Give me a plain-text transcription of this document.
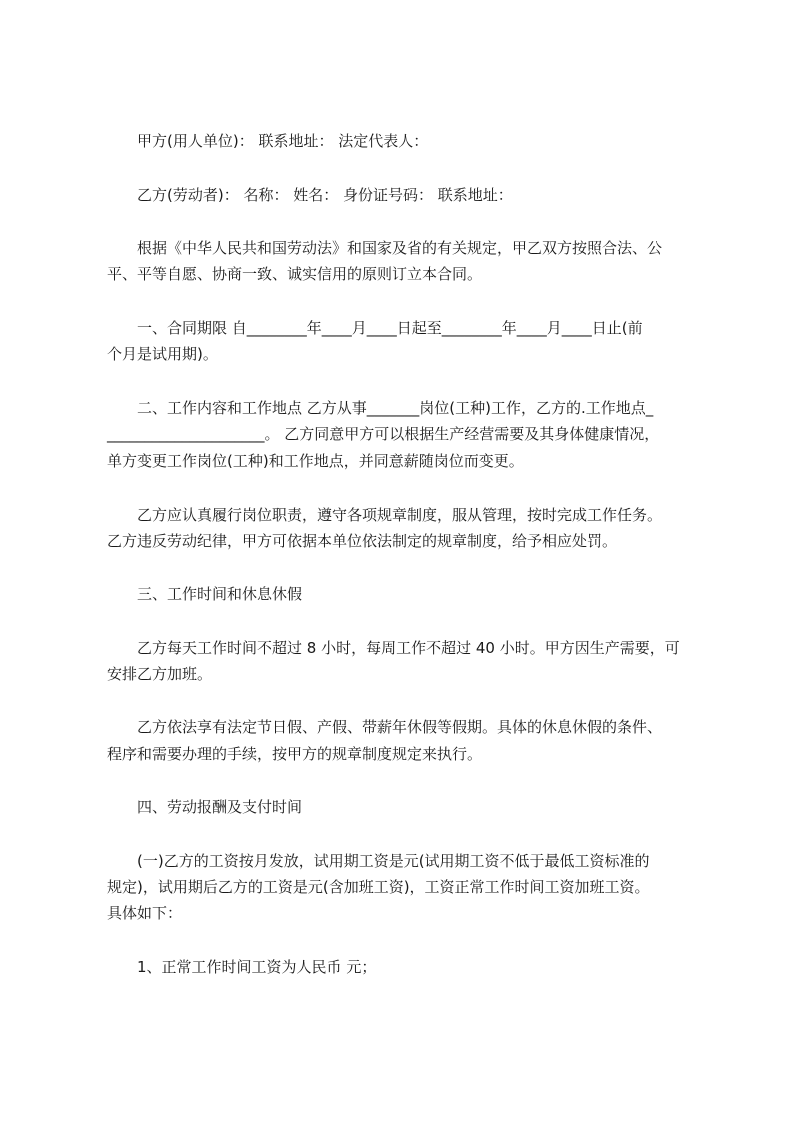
甲方(用人单位)： 联系地址： 法定代表人：
乙方(劳动者)： 名称： 姓名： 身份证号码： 联系地址：
根据《中华人民共和国劳动法》和国家及省的有关规定，甲乙双方按照合法、公
平、平等自愿、协商一致、诚实信用的原则订立本合同。
一、合同期限 自________年____月____日起至________年____月____日止(前
个月是试用期)。
二、工作内容和工作地点 乙方从事_______岗位(工种)工作，乙方的.工作地点_
_____________________。 乙方同意甲方可以根据生产经营需要及其身体健康情况，
单方变更工作岗位(工种)和工作地点，并同意薪随岗位而变更。
乙方应认真履行岗位职责，遵守各项规章制度，服从管理，按时完成工作任务。
乙方违反劳动纪律，甲方可依据本单位依法制定的规章制度，给予相应处罚。
三、工作时间和休息休假
乙方每天工作时间不超过 8 小时，每周工作不超过 40 小时。甲方因生产需要，可
安排乙方加班。
乙方依法享有法定节日假、产假、带薪年休假等假期。具体的休息休假的条件、
程序和需要办理的手续，按甲方的规章制度规定来执行。
四、劳动报酬及支付时间
(一)乙方的工资按月发放，试用期工资是元(试用期工资不低于最低工资标准的
规定)，试用期后乙方的工资是元(含加班工资)，工资正常工作时间工资加班工资。
具体如下：
1、正常工作时间工资为人民币 元；
